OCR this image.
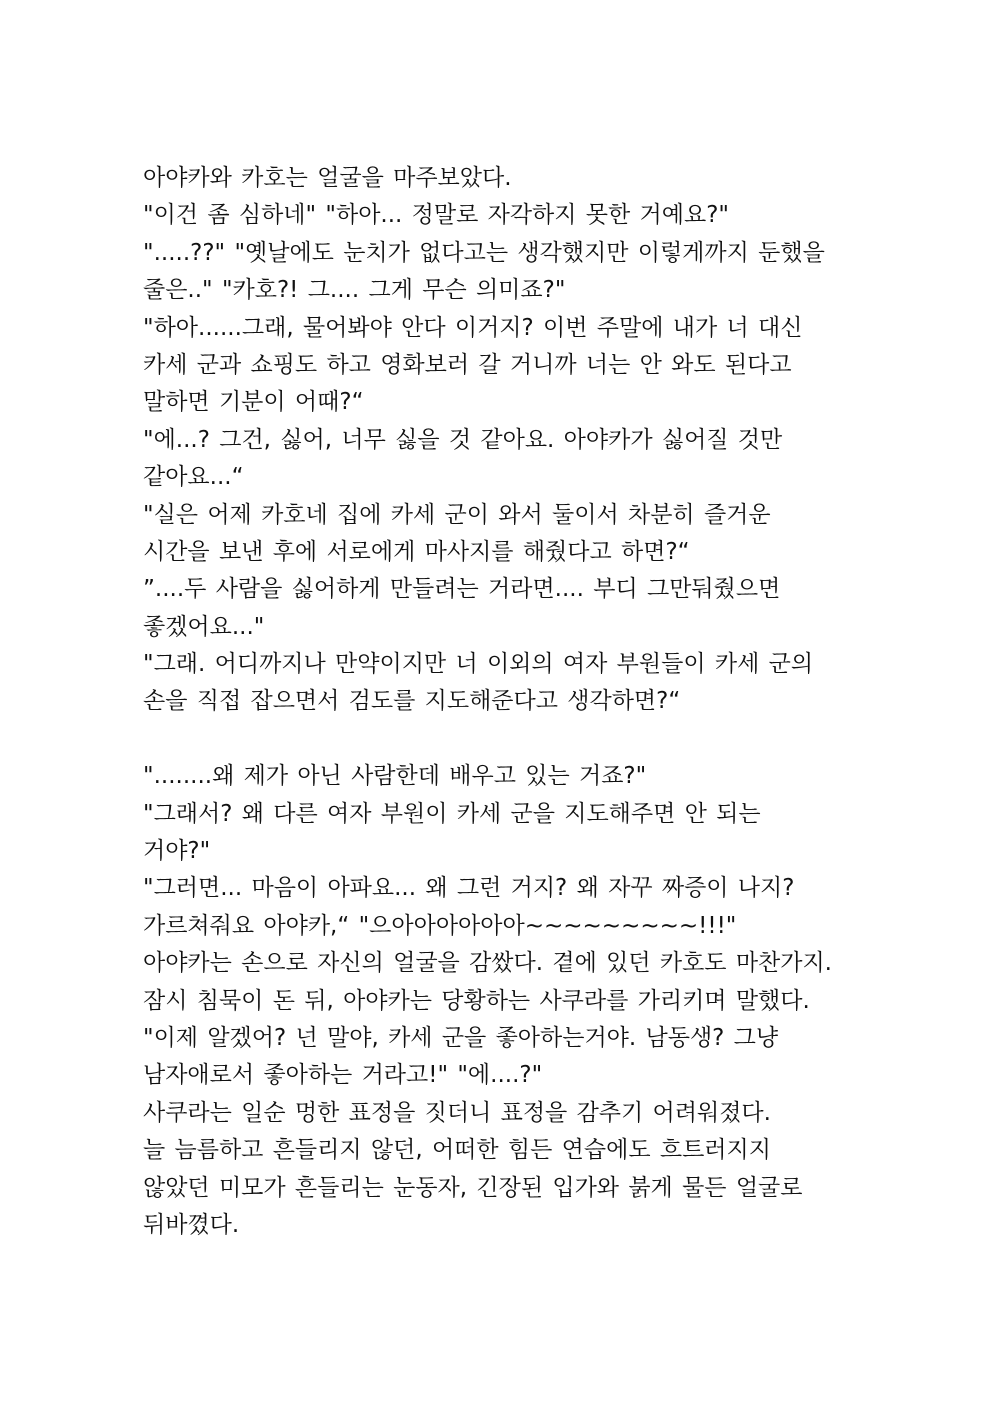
아야카와 카호는 얼굴을 마주보았다.
"이건 좀 심하네" "하아... 정말로 자각하지 못한 거예요?"
".....??" "옛날에도 눈치가 없다고는 생각했지만 이렇게까지 둔했을
줄은.." "카호?! 그.... 그게 무슨 의미죠?"
"하아......그래, 물어봐야 안다 이거지? 이번 주말에 내가 너 대신
카세 군과 쇼핑도 하고 영화보러 갈 거니까 너는 안 와도 된다고
말하면 기분이 어때?“
"에...? 그건, 싫어, 너무 싫을 것 같아요. 아야카가 싫어질 것만
같아요...“
"실은 어제 카호네 집에 카세 군이 와서 둘이서 차분히 즐거운
시간을 보낸 후에 서로에게 마사지를 해줬다고 하면?“
”....두 사람을 싫어하게 만들려는 거라면.... 부디 그만둬줬으면
좋겠어요..."
"그래. 어디까지나 만약이지만 너 이외의 여자 부원들이 카세 군의
손을 직접 잡으면서 검도를 지도해준다고 생각하면?“
"........왜 제가 아닌 사람한데 배우고 있는 거죠?"
"그래서? 왜 다른 여자 부원이 카세 군을 지도해주면 안 되는
거야?"
"그러면... 마음이 아파요... 왜 그런 거지? 왜 자꾸 짜증이 나지?
가르쳐줘요 아야카,“ "으아아아아아아~~~~~~~~~!!!"
아야카는 손으로 자신의 얼굴을 감쌌다. 곁에 있던 카호도 마찬가지.
잠시 침묵이 돈 뒤, 아야카는 당황하는 사쿠라를 가리키며 말했다.
"이제 알겠어? 넌 말야, 카세 군을 좋아하는거야. 남동생? 그냥
남자애로서 좋아하는 거라고!" "에....?"
사쿠라는 일순 멍한 표정을 짓더니 표정을 감추기 어려워졌다.
늘 늠름하고 흔들리지 않던, 어떠한 힘든 연습에도 흐트러지지
않았던 미모가 흔들리는 눈동자, 긴장된 입가와 붉게 물든 얼굴로
뒤바꼈다.
